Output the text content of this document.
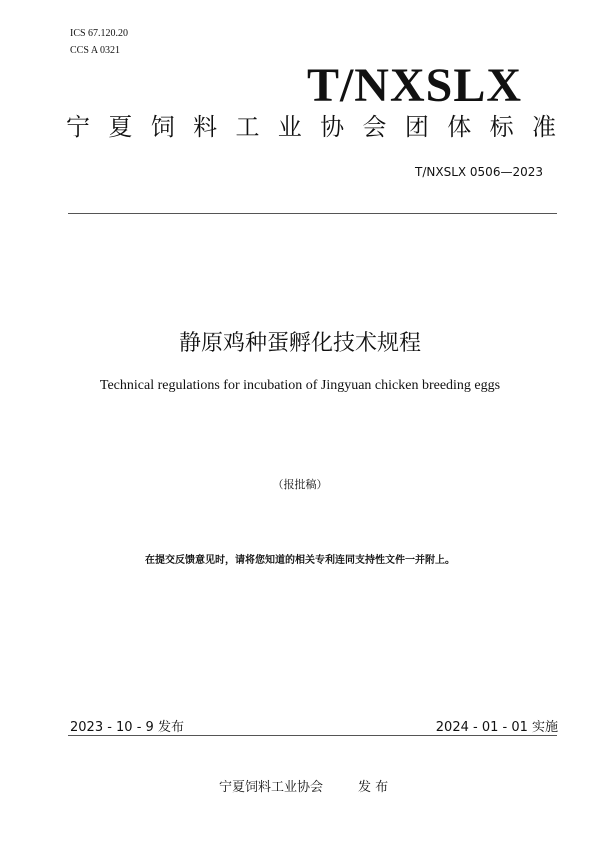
ICS 67.120.20
CCS A 0321
T/NXSLX
宁 夏 饲 料 工 业 协 会 团 体 标 准
T/NXSLX 0506—2023
静原鸡种蛋孵化技术规程
Technical regulations for incubation of Jingyuan chicken breeding eggs
（报批稿）
在提交反馈意见时，请将您知道的相关专利连同支持性文件一并附上。
2023 - 10 - 9 发布	2024 - 01 - 01 实施
宁夏饲料工业协会	发 布
